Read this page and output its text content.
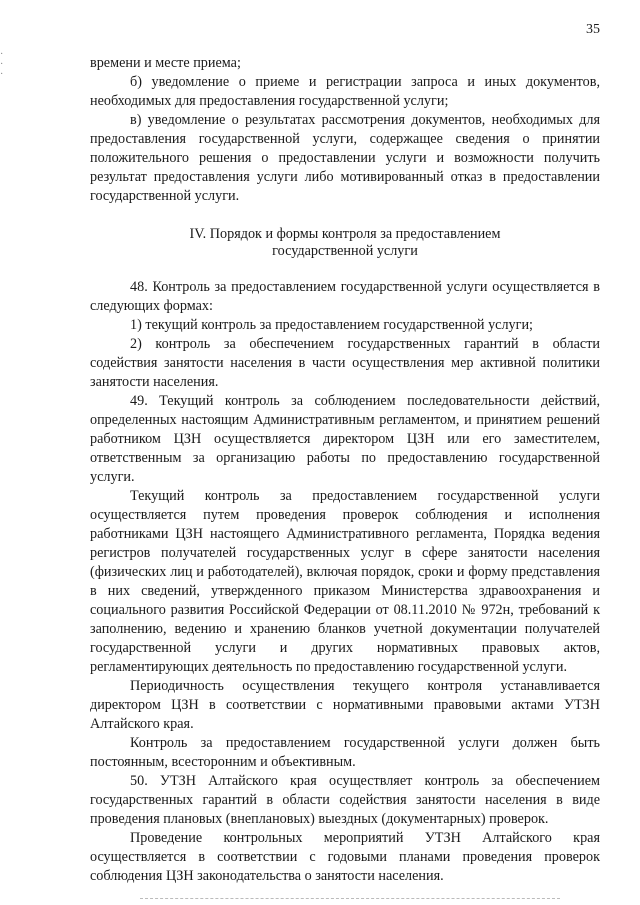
35
·
·
·

времени и месте приема;

б) уведомление о приеме и регистрации запроса и иных документов, необходимых для предоставления государственной услуги;

в) уведомление о результатах рассмотрения документов, необходимых для предоставления государственной услуги, содержащее сведения о принятии положительного решения о предоставлении услуги и возможности получить результат предоставления услуги либо мотивированный отказ в предоставлении государственной услуги.

IV. Порядок и формы контроля за предоставлением
государственной услуги

48. Контроль за предоставлением государственной услуги осуществляется в следующих формах:

1) текущий контроль за предоставлением государственной услуги;

2) контроль за обеспечением государственных гарантий в области содействия занятости населения в части осуществления мер активной политики занятости населения.

49. Текущий контроль за соблюдением последовательности действий, определенных настоящим Административным регламентом, и принятием решений работником ЦЗН осуществляется директором ЦЗН или его заместителем, ответственным за организацию работы по предоставлению государственной услуги.

Текущий контроль за предоставлением государственной услуги осуществляется путем проведения проверок соблюдения и исполнения работниками ЦЗН настоящего Административного регламента, Порядка ведения регистров получателей государственных услуг в сфере занятости населения (физических лиц и работодателей), включая порядок, сроки и форму представления в них сведений, утвержденного приказом Министерства здравоохранения и социального развития Российской Федерации от 08.11.2010 № 972н, требований к заполнению, ведению и хранению бланков учетной документации получателей государственной услуги и других нормативных правовых актов, регламентирующих деятельность по предоставлению государственной услуги.

Периодичность осуществления текущего контроля устанавливается директором ЦЗН в соответствии с нормативными правовыми актами УТЗН Алтайского края.

Контроль за предоставлением государственной услуги должен быть постоянным, всесторонним и объективным.

50. УТЗН Алтайского края осуществляет контроль за обеспечением государственных гарантий в области содействия занятости населения в виде проведения плановых (внеплановых) выездных (документарных) проверок.

Проведение контрольных мероприятий УТЗН Алтайского края осуществляется в соответствии с годовыми планами проведения проверок соблюдения ЦЗН законодательства о занятости населения.
